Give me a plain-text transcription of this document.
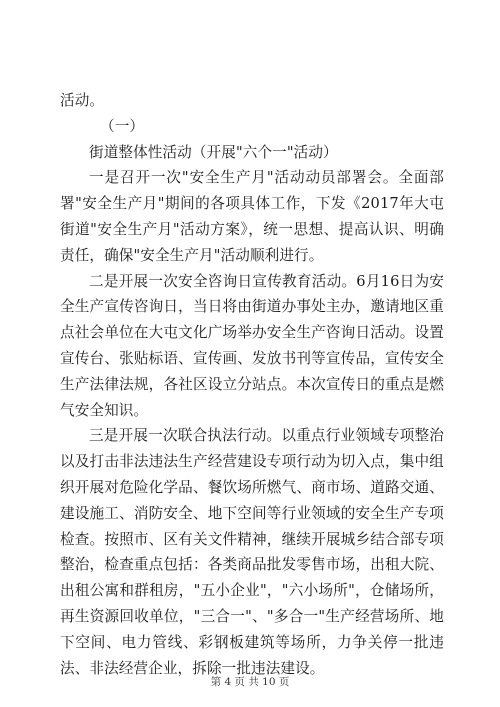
活动。

（一）

街道整体性活动（开展"六个一"活动）

一是召开一次"安全生产月"活动动员部署会。全面部署"安全生产月"期间的各项具体工作，下发《2017年大屯街道"安全生产月"活动方案》，统一思想、提高认识、明确责任，确保"安全生产月"活动顺利进行。

二是开展一次安全咨询日宣传教育活动。6月16日为安全生产宣传咨询日，当日将由街道办事处主办，邀请地区重点社会单位在大屯文化广场举办安全生产咨询日活动。设置宣传台、张贴标语、宣传画、发放书刊等宣传品，宣传安全生产法律法规，各社区设立分站点。本次宣传日的重点是燃气安全知识。

三是开展一次联合执法行动。以重点行业领域专项整治以及打击非法违法生产经营建设专项行动为切入点，集中组织开展对危险化学品、餐饮场所燃气、商市场、道路交通、建设施工、消防安全、地下空间等行业领域的安全生产专项检查。按照市、区有关文件精神，继续开展城乡结合部专项整治，检查重点包括：各类商品批发零售市场，出租大院、出租公寓和群租房，"五小企业"，"六小场所"，仓储场所，再生资源回收单位，"三合一"、"多合一"生产经营场所、地下空间、电力管线、彩钢板建筑等场所，力争关停一批违法、非法经营企业，拆除一批违法建设。

第 4 页 共 10 页
